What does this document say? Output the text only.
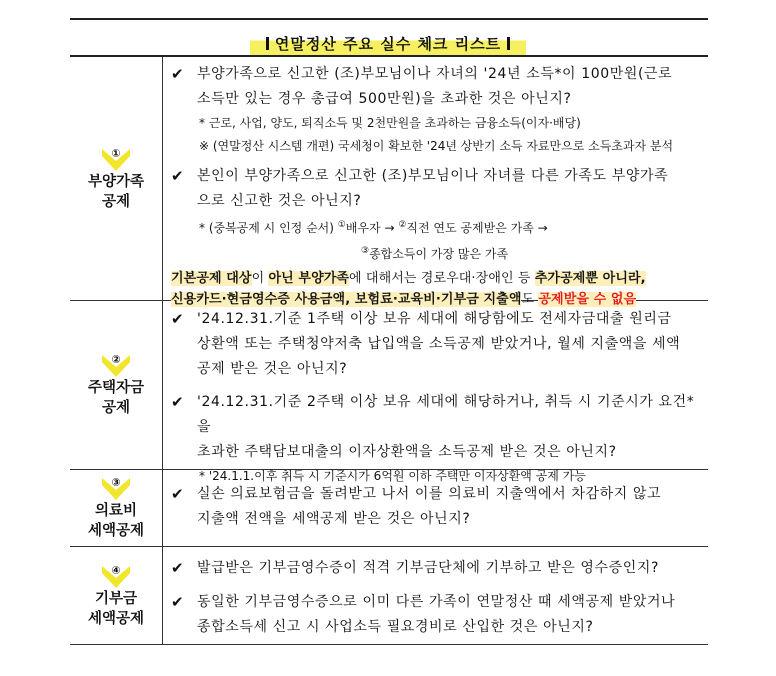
연말정산 주요 실수 체크 리스트
①
부양가족
공제
✔ 부양가족으로 신고한 (조)부모님이나 자녀의 '24년 소득*이 100만원(근로
소득만 있는 경우 총급여 500만원)을 초과한 것은 아닌지?
* 근로, 사업, 양도, 퇴직소득 및 2천만원을 초과하는 금융소득(이자·배당)
※ (연말정산 시스템 개편) 국세청이 확보한 '24년 상반기 소득 자료만으로 소득초과자 분석
✔ 본인이 부양가족으로 신고한 (조)부모님이나 자녀를 다른 가족도 부양가족
으로 신고한 것은 아닌지?
* (중복공제 시 인정 순서) ①배우자 → ②직전 연도 공제받은 가족 →
③종합소득이 가장 많은 가족
기본공제 대상이 아닌 부양가족에 대해서는 경로우대·장애인 등 추가공제뿐 아니라,
신용카드·현금영수증 사용금액, 보험료·교육비·기부금 지출액도 공제받을 수 없음
②
주택자금
공제
✔ '24.12.31.기준 1주택 이상 보유 세대에 해당함에도 전세자금대출 원리금
상환액 또는 주택청약저축 납입액을 소득공제 받았거나, 월세 지출액을 세액
공제 받은 것은 아닌지?
✔ '24.12.31.기준 2주택 이상 보유 세대에 해당하거나, 취득 시 기준시가 요건*을
초과한 주택담보대출의 이자상환액을 소득공제 받은 것은 아닌지?
* '24.1.1.이후 취득 시 기준시가 6억원 이하 주택만 이자상환액 공제 가능
③
의료비
세액공제
✔ 실손 의료보험금을 돌려받고 나서 이를 의료비 지출액에서 차감하지 않고
지출액 전액을 세액공제 받은 것은 아닌지?
④
기부금
세액공제
✔ 발급받은 기부금영수증이 적격 기부금단체에 기부하고 받은 영수증인지?
✔ 동일한 기부금영수증으로 이미 다른 가족이 연말정산 때 세액공제 받았거나
종합소득세 신고 시 사업소득 필요경비로 산입한 것은 아닌지?
